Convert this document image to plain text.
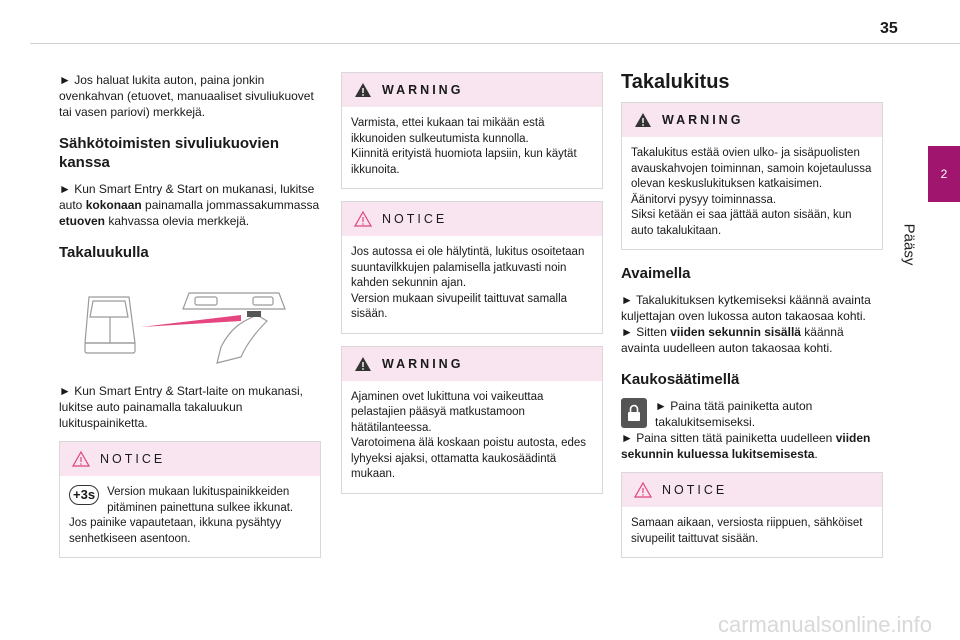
35
2
Pääsy

► Jos haluat lukita auton, paina jonkin ovenkahvan (etuovet, manuaaliset sivuliukuovet tai vasen pariovi) merkkejä.

Sähkötoimisten sivuliukuovien kanssa

► Kun Smart Entry & Start on mukanasi, lukitse auto kokonaan painamalla jommassakummassa etuoven kahvassa olevia merkkejä.

Takaluukulla

► Kun Smart Entry & Start-laite on mukanasi, lukitse auto painamalla takaluukun lukituspainiketta.

NOTICE
+3s	Version mukaan lukituspainikkeiden pitäminen painettuna sulkee ikkunat.
Jos painike vapautetaan, ikkuna pysähtyy senhetkiseen asentoon.
WARNING
Varmista, ettei kukaan tai mikään estä ikkunoiden sulkeutumista kunnolla.
Kiinnitä erityistä huomiota lapsiin, kun käytät ikkunoita.
NOTICE
Jos autossa ei ole hälytintä, lukitus osoitetaan suuntavilkkujen palamisella jatkuvasti noin kahden sekunnin ajan.
Version mukaan sivupeilit taittuvat samalla sisään.
WARNING
Ajaminen ovet lukittuna voi vaikeuttaa pelastajien pääsyä matkustamoon hätätilanteessa.
Varotoimena älä koskaan poistu autosta, edes lyhyeksi ajaksi, ottamatta kaukosäädintä mukaan.
Takalukitus
WARNING
Takalukitus estää ovien ulko- ja sisäpuolisten avauskahvojen toiminnan, samoin kojetaulussa olevan keskuslukituksen katkaisimen.
Äänitorvi pysyy toiminnassa.
Siksi ketään ei saa jättää auton sisään, kun auto takalukitaan.
Avaimella

► Takalukituksen kytkemiseksi käännä avainta kuljettajan oven lukossa auton takaosaa kohti.

► Sitten viiden sekunnin sisällä käännä avainta uudelleen auton takaosaa kohti.

Kaukosäätimellä
► Paina tätä painiketta auton takalukitsemiseksi.

► Paina sitten tätä painiketta uudelleen viiden sekunnin kuluessa lukitsemisesta.

NOTICE
Samaan aikaan, versiosta riippuen, sähköiset sivupeilit taittuvat sisään.
carmanualsonline.info
